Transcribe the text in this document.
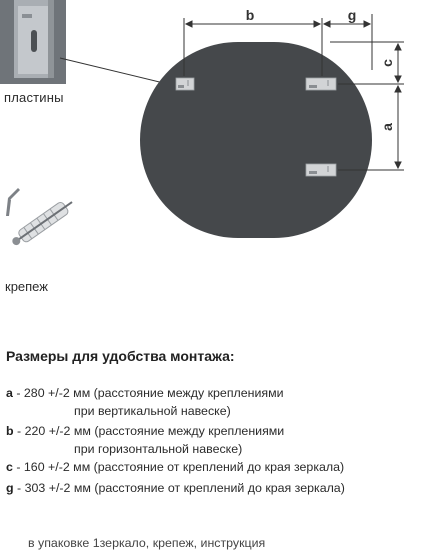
пластины
крепеж
b	g
c
a
Размеры для удобства монтажа:
a - 280 +/-2 мм (расстояние между креплениями
при вертикальной навеске)
b - 220 +/-2 мм (расстояние между креплениями
при горизонтальной навеске)
c - 160 +/-2 мм (расстояние от креплений до края зеркала)
g - 303 +/-2 мм (расстояние от креплений до края зеркала)
в упаковке 1зеркало, крепеж, инструкция
